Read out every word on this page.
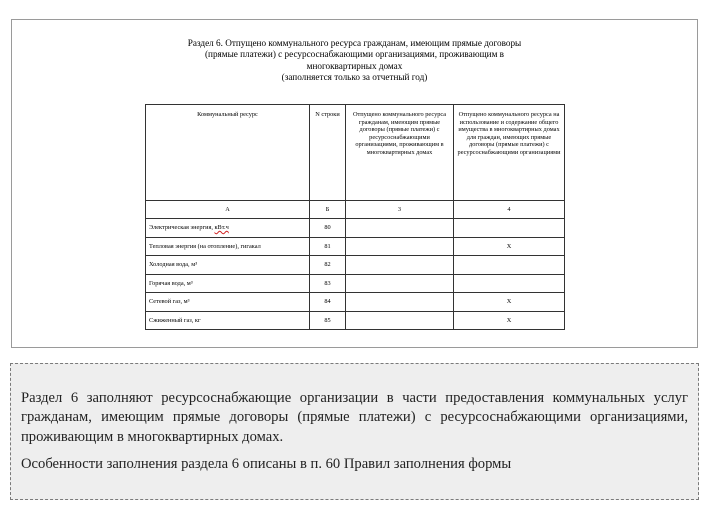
Раздел 6. Отпущено коммунального ресурса гражданам, имеющим прямые договоры
(прямые платежи) с ресурсоснабжающими организациями, проживающим в
многоквартирных домах
(заполняется только за отчетный год)
Коммунальный ресурс	N строки	Отпущено коммунального ресурса гражданам, имеющим прямые договоры (прямые платежи) с ресурсоснабжающими организациями, проживающим в многоквартирных домах	Отпущено коммунального ресурса на использование и содержание общего имущества в многоквартирных домах для граждан, имеющих прямые договоры (прямые платежи) с ресурсоснабжающими организациями
А	Б	3	4
Электрическая энергия, кВт.ч	80		
Тепловая энергия (на отопление), гигакал	81		X
Холодная вода, м³	82		
Горячая вода, м³	83		
Сетевой газ, м³	84		X
Сжиженный газ, кг	85		X

Раздел 6 заполняют ресурсоснабжающие организации в части предоставления коммунальных услуг гражданам, имеющим прямые договоры (прямые платежи) с ресурсоснабжающими организациями, проживающим в многоквартирных домах.

Особенности заполнения раздела 6 описаны в п. 60 Правил заполнения формы
